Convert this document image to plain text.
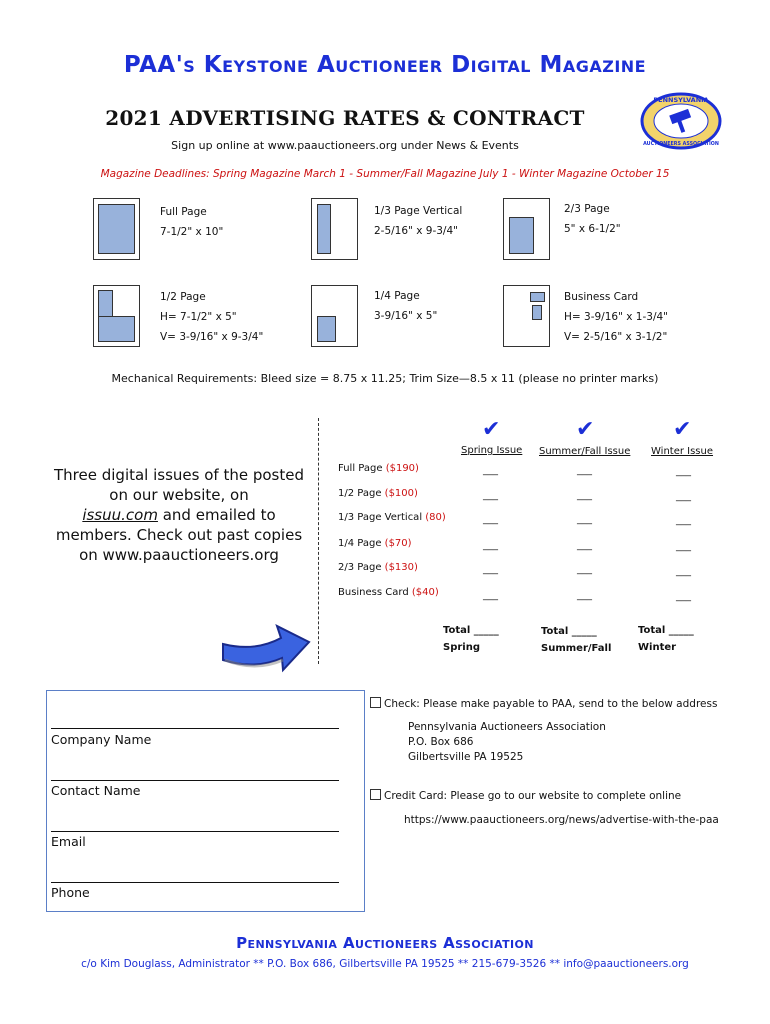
PAA's Keystone Auctioneer Digital Magazine
2021 ADVERTISING RATES & CONTRACT
Sign up online at www.paauctioneers.org under News & Events
Magazine Deadlines: Spring Magazine March 1 - Summer/Fall Magazine July 1 - Winter Magazine October 15
PENNSYLVANIA
AUCTIONEERS ASSOCIATION
Full Page
7-1/2" x 10"
1/3 Page Vertical
2-5/16" x 9-3/4"
2/3 Page
5" x 6-1/2"
1/2 Page
H= 7-1/2" x 5"
V= 3-9/16" x 9-3/4"
1/4 Page
3-9/16" x 5"
Business Card
H= 3-9/16" x 1-3/4"
V= 2-5/16" x 3-1/2"
Mechanical Requirements: Bleed size = 8.75 x 11.25; Trim Size—8.5 x 11 (please no printer marks)
Three digital issues of the posted on our website, on
issuu.com and emailed to members. Check out past copies on www.paauctioneers.org
✔	✔	✔
Spring Issue Summer/Fall Issue Winter Issue
Full Page ($190)
1/2 Page ($100)
1/3 Page Vertical (80)
1/4 Page ($70)
2/3 Page ($130)
Business Card ($40)
___
___
___
___
___
___
___
___
___
___
___
___
___
___
___
___
___
___
Total _____
Spring
Total _____
Summer/Fall
Total _____
Winter
Company Name
Contact Name
Email
Phone
Check: Please make payable to PAA, send to the below address
Pennsylvania Auctioneers Association
P.O. Box 686
Gilbertsville PA 19525
Credit Card: Please go to our website to complete online
https://www.paauctioneers.org/news/advertise-with-the-paa
Pennsylvania Auctioneers Association
c/o Kim Douglass, Administrator ** P.O. Box 686, Gilbertsville PA 19525 ** 215-679-3526 ** info@paauctioneers.org
